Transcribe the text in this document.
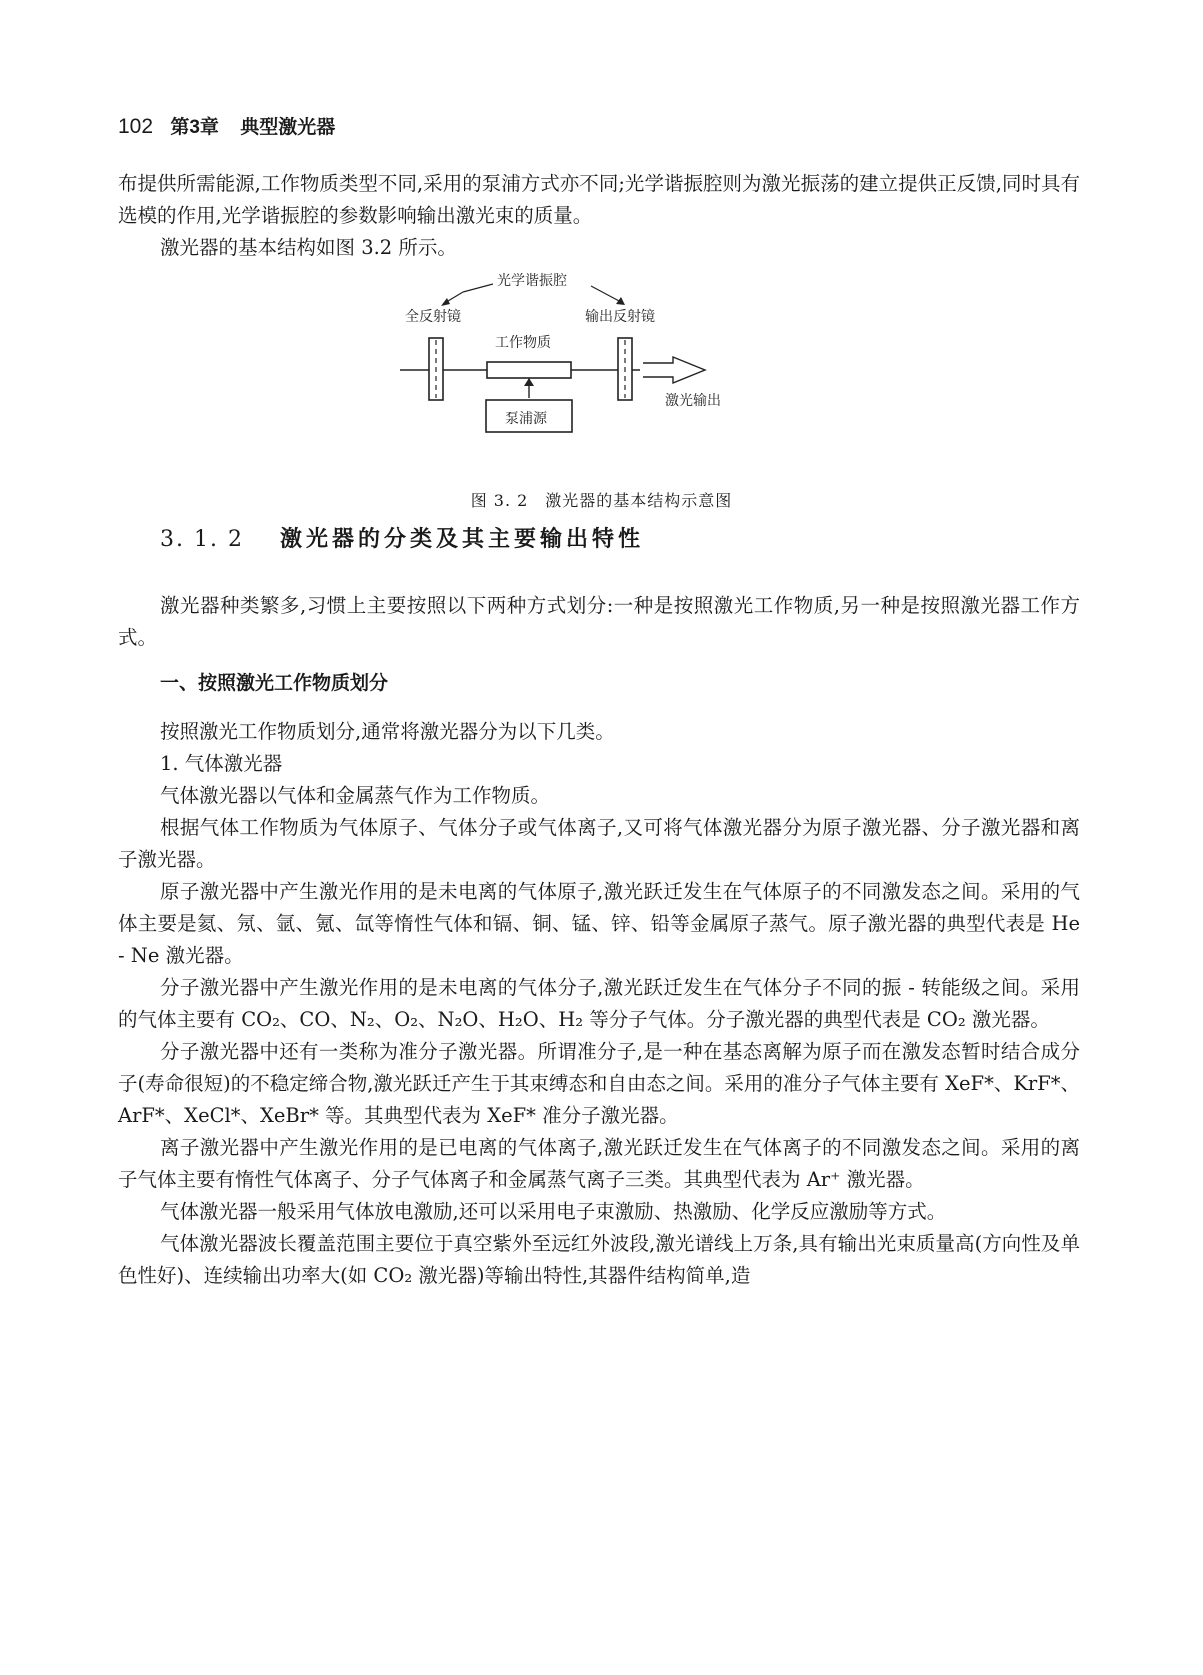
102 第3章 典型激光器

布提供所需能源,工作物质类型不同,采用的泵浦方式亦不同;光学谐振腔则为激光振荡的建立提供正反馈,同时具有选模的作用,光学谐振腔的参数影响输出激光束的质量。

激光器的基本结构如图 3.2 所示。

光学谐振腔
全反射镜	输出反射镜
工作物质
泵浦源
激光输出
图 3. 2　激光器的基本结构示意图
3. 1. 2 激光器的分类及其主要输出特性
激光器种类繁多,习惯上主要按照以下两种方式划分:一种是按照激光工作物质,另一种是按照激光器工作方式。
一、按照激光工作物质划分

按照激光工作物质划分,通常将激光器分为以下几类。

1. 气体激光器

气体激光器以气体和金属蒸气作为工作物质。

根据气体工作物质为气体原子、气体分子或气体离子,又可将气体激光器分为原子激光器、分子激光器和离子激光器。

原子激光器中产生激光作用的是未电离的气体原子,激光跃迁发生在气体原子的不同激发态之间。采用的气体主要是氦、氖、氩、氪、氙等惰性气体和镉、铜、锰、锌、铅等金属原子蒸气。原子激光器的典型代表是 He - Ne 激光器。

分子激光器中产生激光作用的是未电离的气体分子,激光跃迁发生在气体分子不同的振 - 转能级之间。采用的气体主要有 CO₂、CO、N₂、O₂、N₂O、H₂O、H₂ 等分子气体。分子激光器的典型代表是 CO₂ 激光器。

分子激光器中还有一类称为准分子激光器。所谓准分子,是一种在基态离解为原子而在激发态暂时结合成分子(寿命很短)的不稳定缔合物,激光跃迁产生于其束缚态和自由态之间。采用的准分子气体主要有 XeF*、KrF*、ArF*、XeCl*、XeBr* 等。其典型代表为 XeF* 准分子激光器。

离子激光器中产生激光作用的是已电离的气体离子,激光跃迁发生在气体离子的不同激发态之间。采用的离子气体主要有惰性气体离子、分子气体离子和金属蒸气离子三类。其典型代表为 Ar⁺ 激光器。

气体激光器一般采用气体放电激励,还可以采用电子束激励、热激励、化学反应激励等方式。

气体激光器波长覆盖范围主要位于真空紫外至远红外波段,激光谱线上万条,具有输出光束质量高(方向性及单色性好)、连续输出功率大(如 CO₂ 激光器)等输出特性,其器件结构简单,造
